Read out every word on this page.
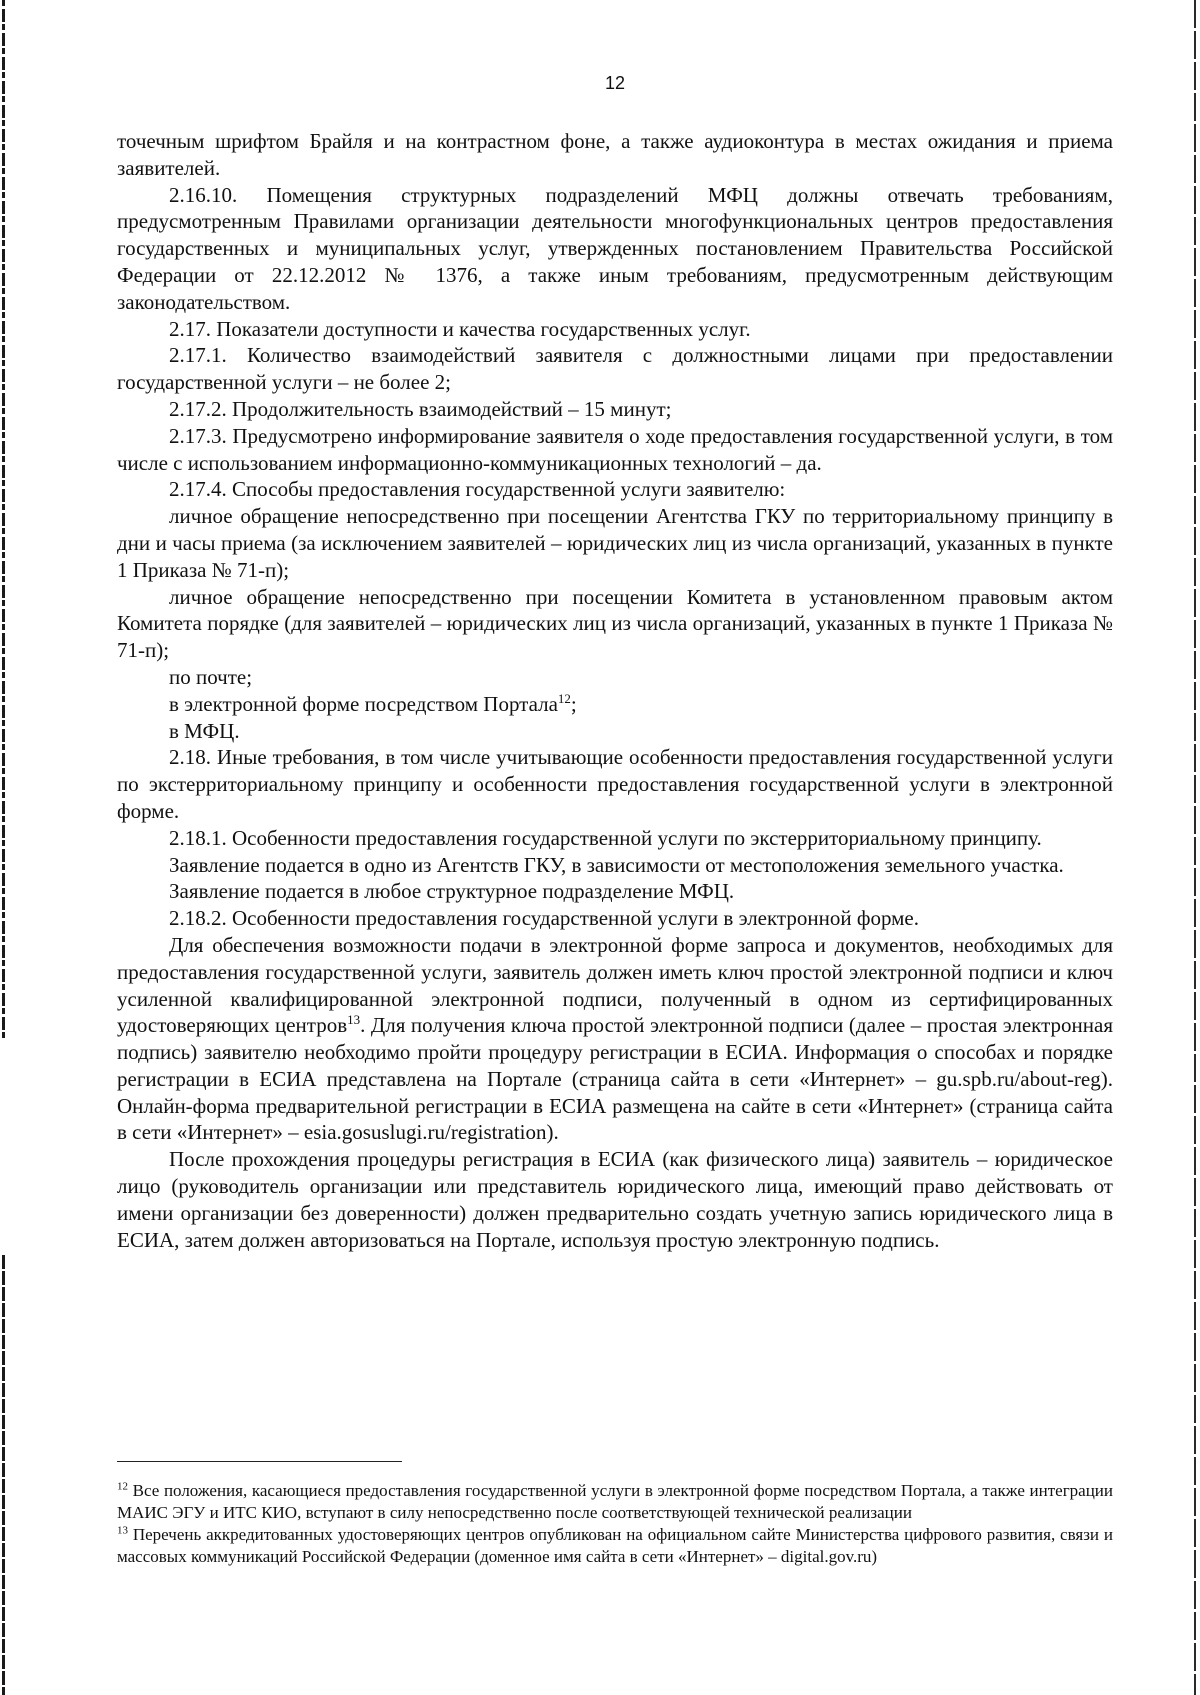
12

точечным шрифтом Брайля и на контрастном фоне, а также аудиоконтура в местах ожидания и приема заявителей.

2.16.10. Помещения структурных подразделений МФЦ должны отвечать требованиям, предусмотренным Правилами организации деятельности многофункциональных центров предоставления государственных и муниципальных услуг, утвержденных постановлением Правительства Российской Федерации от 22.12.2012 № 1376, а также иным требованиям, предусмотренным действующим законодательством.

2.17. Показатели доступности и качества государственных услуг.

2.17.1. Количество взаимодействий заявителя с должностными лицами при предоставлении государственной услуги – не более 2;

2.17.2. Продолжительность взаимодействий – 15 минут;

2.17.3. Предусмотрено информирование заявителя о ходе предоставления государственной услуги, в том числе с использованием информационно-коммуникационных технологий – да.

2.17.4. Способы предоставления государственной услуги заявителю:

личное обращение непосредственно при посещении Агентства ГКУ по территориальному принципу в дни и часы приема (за исключением заявителей – юридических лиц из числа организаций, указанных в пункте 1 Приказа № 71-п);

личное обращение непосредственно при посещении Комитета в установленном правовым актом Комитета порядке (для заявителей – юридических лиц из числа организаций, указанных в пункте 1 Приказа № 71-п);

по почте;

в электронной форме посредством Портала$^{12}$;

в МФЦ.

2.18. Иные требования, в том числе учитывающие особенности предоставления государственной услуги по экстерриториальному принципу и особенности предоставления государственной услуги в электронной форме.

2.18.1. Особенности предоставления государственной услуги по экстерриториальному принципу.

Заявление подается в одно из Агентств ГКУ, в зависимости от местоположения земельного участка.

Заявление подается в любое структурное подразделение МФЦ.

2.18.2. Особенности предоставления государственной услуги в электронной форме.

Для обеспечения возможности подачи в электронной форме запроса и документов, необходимых для предоставления государственной услуги, заявитель должен иметь ключ простой электронной подписи и ключ усиленной квалифицированной электронной подписи, полученный в одном из сертифицированных удостоверяющих центров$^{13}$. Для получения ключа простой электронной подписи (далее – простая электронная подпись) заявителю необходимо пройти процедуру регистрации в ЕСИА. Информация о способах и порядке регистрации в ЕСИА представлена на Портале (страница сайта в сети «Интернет» – gu.spb.ru/about-reg). Онлайн-форма предварительной регистрации в ЕСИА размещена на сайте в сети «Интернет» (страница сайта в сети «Интернет» – esia.gosuslugi.ru/registration).

После прохождения процедуры регистрация в ЕСИА (как физического лица) заявитель – юридическое лицо (руководитель организации или представитель юридического лица, имеющий право действовать от имени организации без доверенности) должен предварительно создать учетную запись юридического лица в ЕСИА, затем должен авторизоваться на Портале, используя простую электронную подпись.

$^{12}$ Все положения, касающиеся предоставления государственной услуги в электронной форме посредством Портала, а также интеграции МАИС ЭГУ и ИТС КИО, вступают в силу непосредственно после соответствующей технической реализации

$^{13}$ Перечень аккредитованных удостоверяющих центров опубликован на официальном сайте Министерства цифрового развития, связи и массовых коммуникаций Российской Федерации (доменное имя сайта в сети «Интернет» – digital.gov.ru)
